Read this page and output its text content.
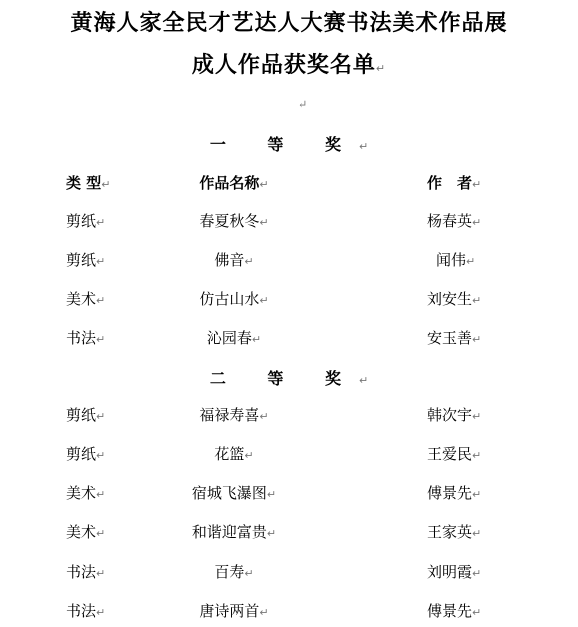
黄海人家全民才艺达人大赛书法美术作品展
成人作品获奖名单↵
↵
一 等 奖↵
类 型↵	作品名称↵	作　者↵
剪纸↵	春夏秋冬↵	杨春英↵
剪纸↵	佛音↵	闻伟↵
美术↵	仿古山水↵	刘安生↵
书法↵	沁园春↵	安玉善↵
二 等 奖↵
剪纸↵	福禄寿喜↵	韩次宇↵
剪纸↵	花篮↵	王爱民↵
美术↵	宿城飞瀑图↵	傅景先↵
美术↵	和谐迎富贵↵	王家英↵
书法↵	百寿↵	刘明霞↵
书法↵	唐诗两首↵	傅景先↵
